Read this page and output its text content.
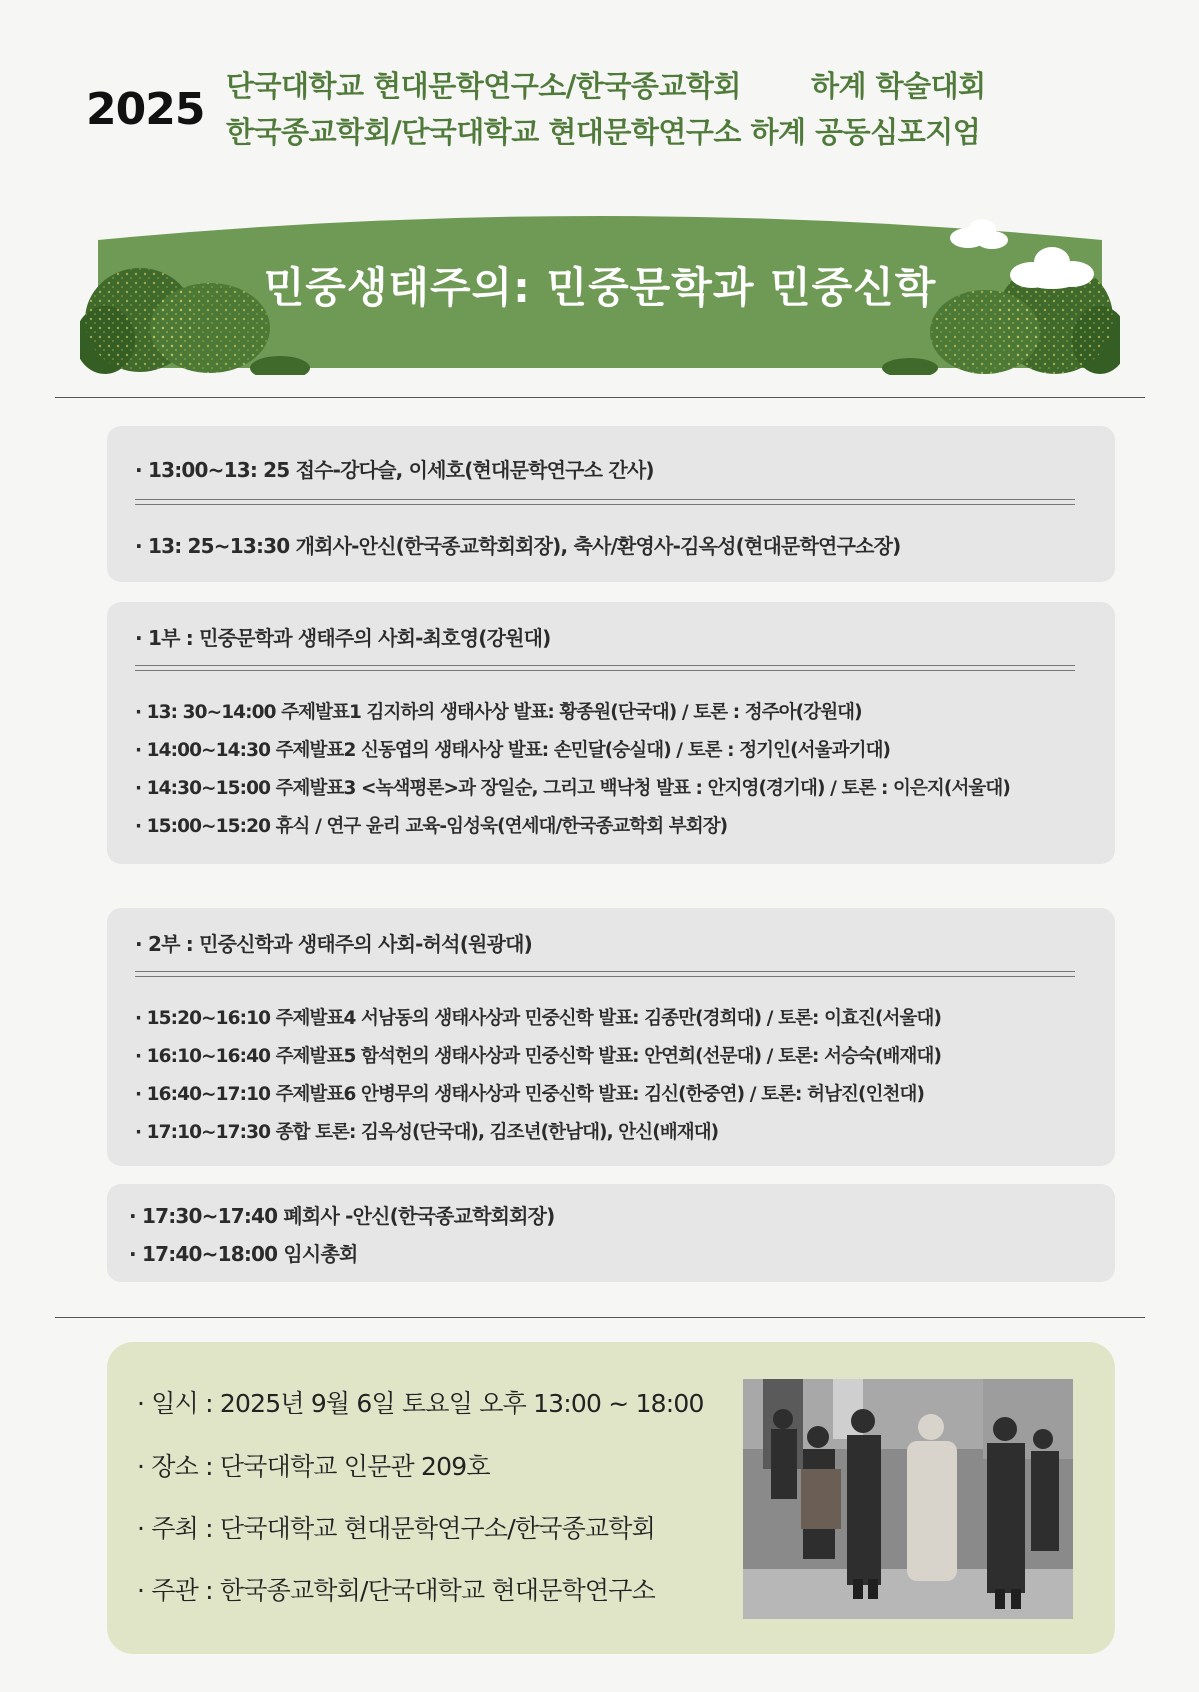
2025 단국대학교 현대문학연구소/한국종교학회 하계 학술대회
한국종교학회/단국대학교 현대문학연구소 하계 공동심포지엄
민중생태주의: 민중문학과 민중신학
· 13:00~13: 25 접수-강다슬, 이세호(현대문학연구소 간사)
· 13: 25~13:30 개회사-안신(한국종교학회회장), 축사/환영사-김옥성(현대문학연구소장)
· 1부 : 민중문학과 생태주의 사회-최호영(강원대)
· 13: 30~14:00 주제발표1 김지하의 생태사상 발표: 황종원(단국대) / 토론 : 정주아(강원대)
· 14:00~14:30 주제발표2 신동엽의 생태사상 발표: 손민달(숭실대) / 토론 : 정기인(서울과기대)
· 14:30~15:00 주제발표3 <녹색평론>과 장일순, 그리고 백낙청 발표 : 안지영(경기대) / 토론 : 이은지(서울대)
· 15:00~15:20 휴식 / 연구 윤리 교육-임성욱(연세대/한국종교학회 부회장)
· 2부 : 민중신학과 생태주의 사회-허석(원광대)
· 15:20~16:10 주제발표4 서남동의 생태사상과 민중신학 발표: 김종만(경희대) / 토론: 이효진(서울대)
· 16:10~16:40 주제발표5 함석헌의 생태사상과 민중신학 발표: 안연희(선문대) / 토론: 서승숙(배재대)
· 16:40~17:10 주제발표6 안병무의 생태사상과 민중신학 발표: 김신(한중연) / 토론: 허남진(인천대)
· 17:10~17:30 종합 토론: 김옥성(단국대), 김조년(한남대), 안신(배재대)
· 17:30~17:40 폐회사 -안신(한국종교학회회장)
· 17:40~18:00 임시총회
· 일시 : 2025년 9월 6일 토요일 오후 13:00 ~ 18:00
· 장소 : 단국대학교 인문관 209호
· 주최 : 단국대학교 현대문학연구소/한국종교학회
· 주관 : 한국종교학회/단국대학교 현대문학연구소
